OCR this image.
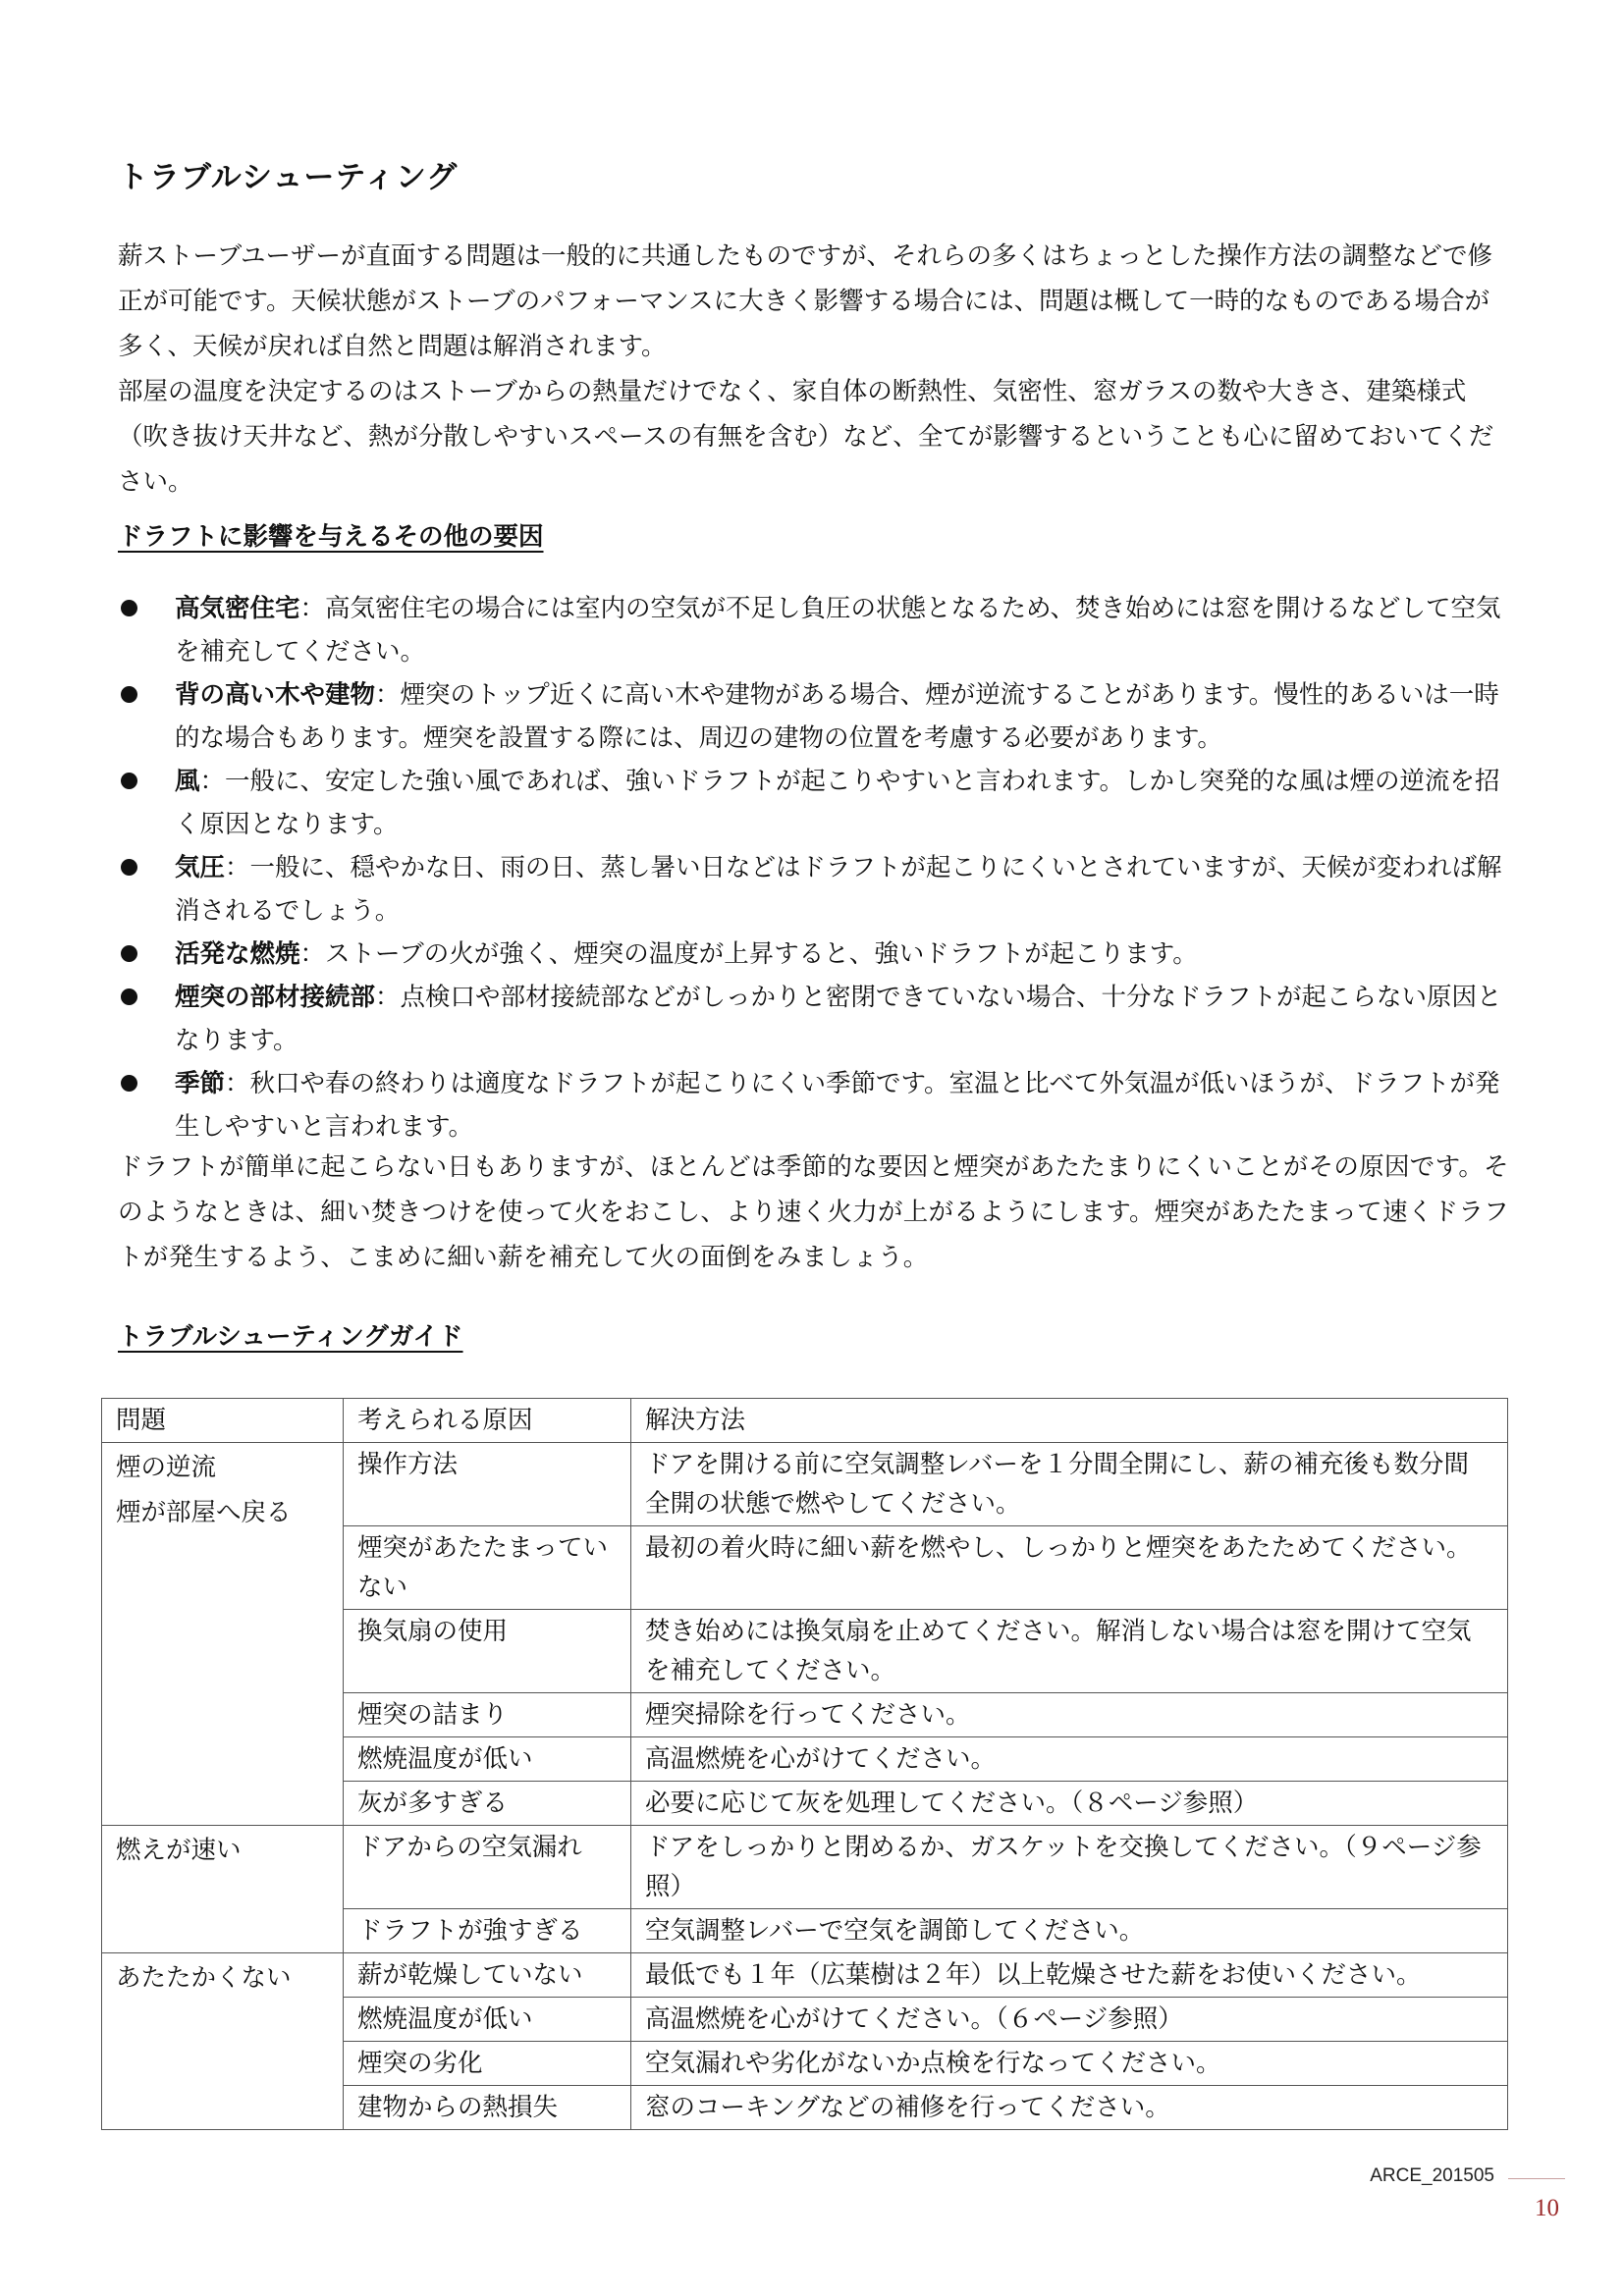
トラブルシューティング

薪ストーブユーザーが直面する問題は一般的に共通したものですが、それらの多くはちょっとした操作方法の調整などで修正が可能です。天候状態がストーブのパフォーマンスに大きく影響する場合には、問題は概して一時的なものである場合が多く、天候が戻れば自然と問題は解消されます。

部屋の温度を決定するのはストーブからの熱量だけでなく、家自体の断熱性、気密性、窓ガラスの数や大きさ、建築様式（吹き抜け天井など、熱が分散しやすいスペースの有無を含む）など、全てが影響するということも心に留めておいてください。

ドラフトに影響を与えるその他の要因
高気密住宅：高気密住宅の場合には室内の空気が不足し負圧の状態となるため、焚き始めには窓を開けるなどして空気を補充してください。
背の高い木や建物：煙突のトップ近くに高い木や建物がある場合、煙が逆流することがあります。慢性的あるいは一時的な場合もあります。煙突を設置する際には、周辺の建物の位置を考慮する必要があります。
風：一般に、安定した強い風であれば、強いドラフトが起こりやすいと言われます。しかし突発的な風は煙の逆流を招く原因となります。
気圧：一般に、穏やかな日、雨の日、蒸し暑い日などはドラフトが起こりにくいとされていますが、天候が変われば解消されるでしょう。
活発な燃焼：ストーブの火が強く、煙突の温度が上昇すると、強いドラフトが起こります。
煙突の部材接続部：点検口や部材接続部などがしっかりと密閉できていない場合、十分なドラフトが起こらない原因となります。
季節：秋口や春の終わりは適度なドラフトが起こりにくい季節です。室温と比べて外気温が低いほうが、ドラフトが発生しやすいと言われます。

ドラフトが簡単に起こらない日もありますが、ほとんどは季節的な要因と煙突があたたまりにくいことがその原因です。そのようなときは、細い焚きつけを使って火をおこし、より速く火力が上がるようにします。煙突があたたまって速くドラフトが発生するよう、こまめに細い薪を補充して火の面倒をみましょう。

トラブルシューティングガイド
問題	考えられる原因	解決方法

煙の逆流
煙が部屋へ戻る	操作方法	ドアを開ける前に空気調整レバーを１分間全開にし、薪の補充後も数分間全開の状態で燃やしてください。
	煙突があたたまっていない	最初の着火時に細い薪を燃やし、しっかりと煙突をあたためてください。
	換気扇の使用	焚き始めには換気扇を止めてください。解消しない場合は窓を開けて空気を補充してください。
	煙突の詰まり	煙突掃除を行ってください。
	燃焼温度が低い	高温燃焼を心がけてください。
	灰が多すぎる	必要に応じて灰を処理してください。（８ページ参照）

燃えが速い	ドアからの空気漏れ	ドアをしっかりと閉めるか、ガスケットを交換してください。（９ページ参照）
	ドラフトが強すぎる	空気調整レバーで空気を調節してください。

あたたかくない	薪が乾燥していない	最低でも１年（広葉樹は２年）以上乾燥させた薪をお使いください。
	燃焼温度が低い	高温燃焼を心がけてください。（６ページ参照）
	煙突の劣化	空気漏れや劣化がないか点検を行なってください。
	建物からの熱損失	窓のコーキングなどの補修を行ってください。
ARCE_201505
10
